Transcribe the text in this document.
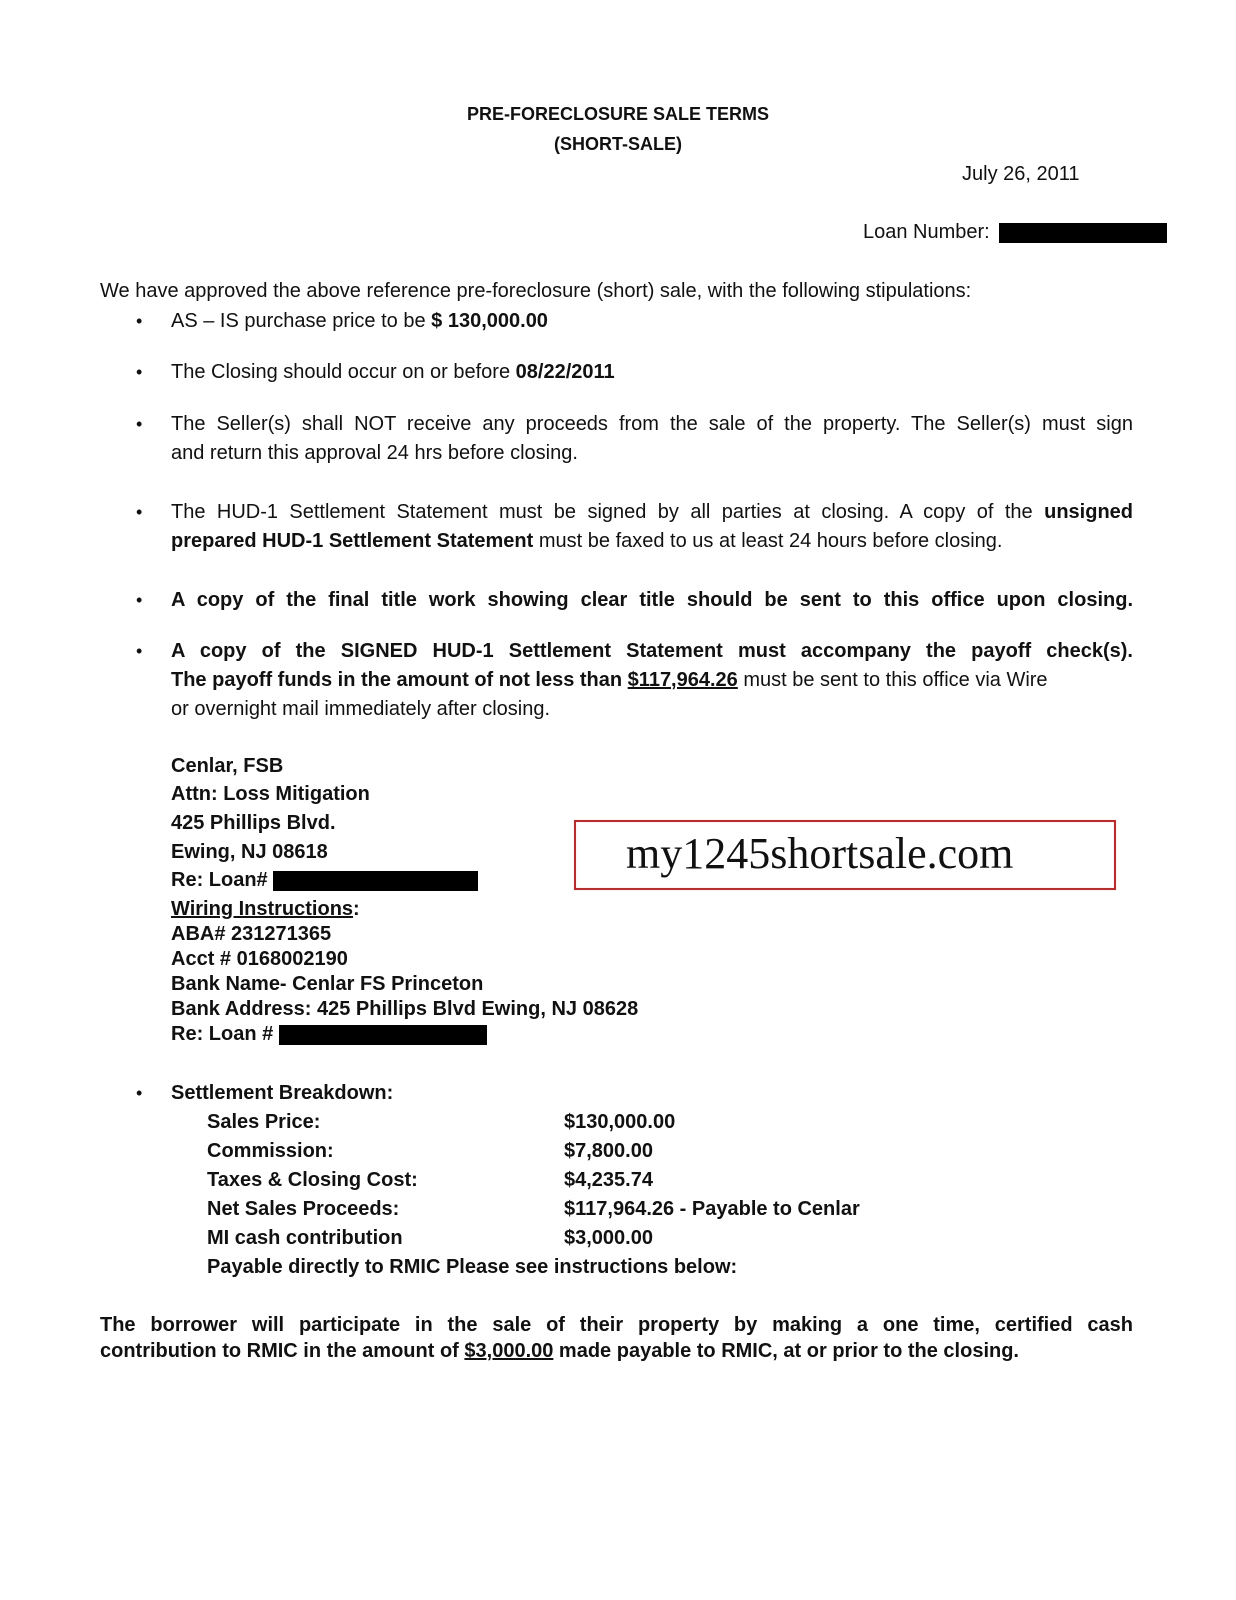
PRE-FORECLOSURE SALE TERMS
(SHORT-SALE)
July 26, 2011
Loan Number:
We have approved the above reference pre-foreclosure (short) sale, with the following stipulations:
• AS – IS purchase price to be $ 130,000.00
• The Closing should occur on or before 08/22/2011
• The Seller(s) shall NOT receive any proceeds from the sale of the property. The Seller(s) must sign
and return this approval 24 hrs before closing.
• The HUD-1 Settlement Statement must be signed by all parties at closing. A copy of the unsigned
prepared HUD-1 Settlement Statement must be faxed to us at least 24 hours before closing.
• A copy of the final title work showing clear title should be sent to this office upon closing.
• A copy of the SIGNED HUD-1 Settlement Statement must accompany the payoff check(s).
The payoff funds in the amount of not less than $117,964.26 must be sent to this office via Wire
or overnight mail immediately after closing.
Cenlar, FSB
Attn: Loss Mitigation
425 Phillips Blvd.
Ewing, NJ 08618
Re: Loan#
Wiring Instructions:
ABA# 231271365
Acct # 0168002190
Bank Name- Cenlar FS Princeton
Bank Address: 425 Phillips Blvd Ewing, NJ 08628
Re: Loan #
my1245shortsale.com
• Settlement Breakdown:
Sales Price:	$130,000.00
Commission:	$7,800.00
Taxes & Closing Cost:	$4,235.74
Net Sales Proceeds:	$117,964.26 - Payable to Cenlar
MI cash contribution	$3,000.00
Payable directly to RMIC Please see instructions below:
The borrower will participate in the sale of their property by making a one time, certified cash
contribution to RMIC in the amount of $3,000.00 made payable to RMIC, at or prior to the closing.
